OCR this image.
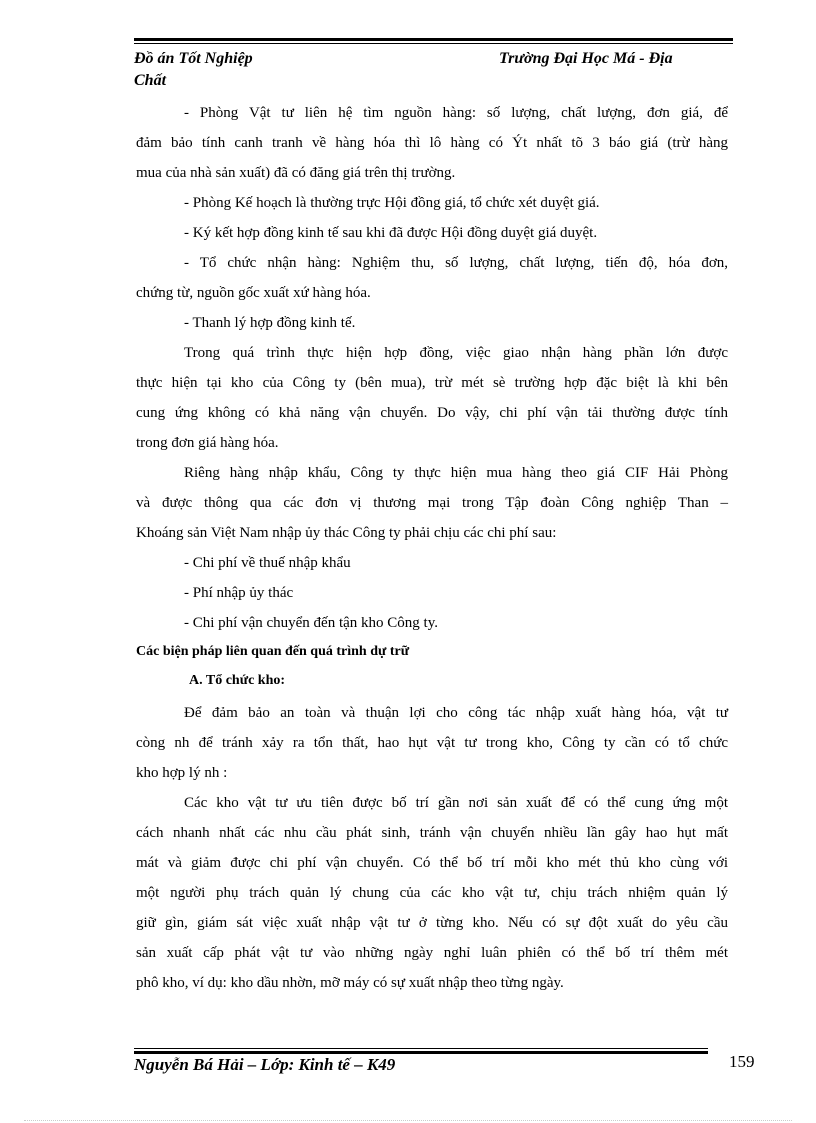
Đồ án Tốt Nghiệp	Trường Đại Học Má - Địa
Chất
- Phòng Vật tư liên hệ tìm nguồn hàng: số lượng, chất lượng, đơn giá, để
đảm bảo tính canh tranh về hàng hóa thì lô hàng có Ýt nhất tõ 3 báo giá (trừ hàng
mua của nhà sản xuất) đã có đăng giá trên thị trường.
- Phòng Kế hoạch là thường trực Hội đồng giá, tổ chức xét duyệt giá.
- Ký kết hợp đồng kinh tế sau khi đã được Hội đồng duyệt giá duyệt.
- Tổ chức nhận hàng: Nghiệm thu, số lượng, chất lượng, tiến độ, hóa đơn,
chứng từ, nguồn gốc xuất xứ hàng hóa.
- Thanh lý hợp đồng kinh tế.
Trong quá trình thực hiện hợp đồng, việc giao nhận hàng phần lớn được
thực hiện tại kho của Công ty (bên mua), trừ mét sè trường hợp đặc biệt là khi bên
cung ứng không có khả năng vận chuyển. Do vậy, chi phí vận tải thường được tính
trong đơn giá hàng hóa.
Riêng hàng nhập khẩu, Công ty thực hiện mua hàng theo giá CIF Hải Phòng
và được thông qua các đơn vị thương mại trong Tập đoàn Công nghiệp Than –
Khoáng sản Việt Nam nhập ủy thác Công ty phải chịu các chi phí sau:
- Chi phí về thuế nhập khẩu
- Phí nhập ủy thác
- Chi phí vận chuyển đến tận kho Công ty.
Các biện pháp liên quan đến quá trình dự trữ
A. Tổ chức kho:
Để đảm bảo an toàn và thuận lợi cho công tác nhập xuất hàng hóa, vật tư
còng nh để tránh xảy ra tổn thất, hao hụt vật tư trong kho, Công ty cần có tổ chức
kho hợp lý nh :
Các kho vật tư ưu tiên được bố trí gần nơi sản xuất để có thể cung ứng một
cách nhanh nhất các nhu cầu phát sinh, tránh vận chuyển nhiều lần gây hao hụt mất
mát và giảm được chi phí vận chuyển. Có thể bố trí mỗi kho mét thủ kho cùng với
một người phụ trách quản lý chung của các kho vật tư, chịu trách nhiệm quản lý
giữ gìn, giám sát việc xuất nhập vật tư ở từng kho. Nếu có sự đột xuất do yêu cầu
sản xuất cấp phát vật tư vào những ngày nghỉ luân phiên có thể bố trí thêm mét
phô kho, ví dụ: kho dầu nhờn, mỡ máy có sự xuất nhập theo từng ngày.
Nguyễn Bá Hải – Lớp: Kinh tế – K49	159
